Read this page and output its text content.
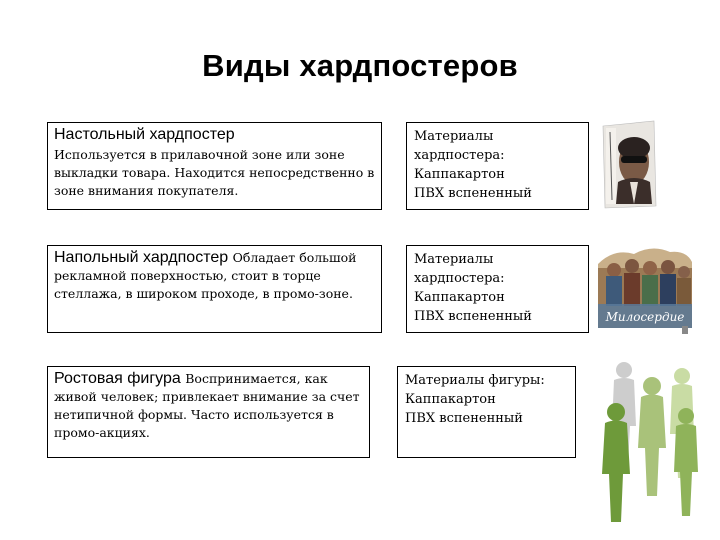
Виды хардпостеров
Настольный хардпостер
Используется в прилавочной зоне или зоне выкладки товара. Находится непосредственно в зоне внимания покупателя.
Материалы
хардпостера:
Каппакартон
ПВХ вспененный
Напольный хардпостер Обладает большой рекламной поверхностью, стоит в торце стеллажа, в широком проходе, в промо-зоне.
Материалы
хардпостера:
Каппакартон
ПВХ вспененный	Милосердие
Ростовая фигура Воспринимается, как живой человек; привлекает внимание за счет нетипичной формы. Часто используется в промо-акциях.
Материалы фигуры:
Каппакартон
ПВХ вспененный
